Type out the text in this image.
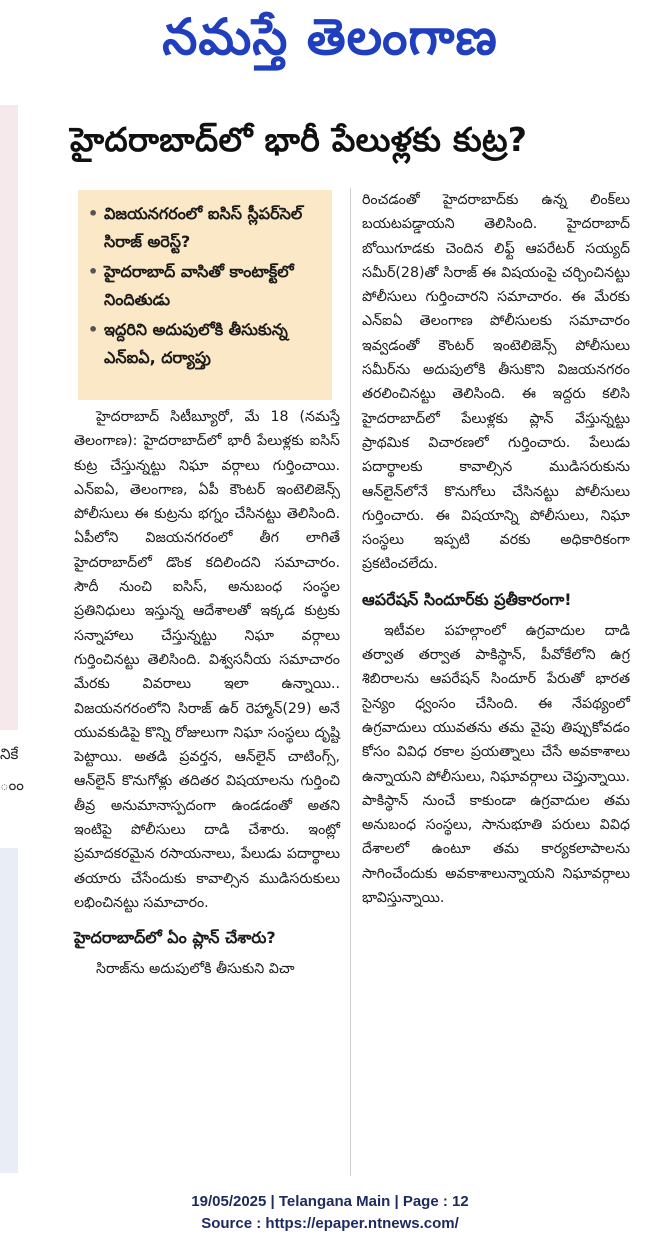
నమస్తే తెలంగాణ
నికే
ంం
హైదరాబాద్‌లో భారీ పేలుళ్లకు కుట్ర?
• విజయనగరంలో ఐసిస్ స్లీపర్‌సెల్ సిరాజ్ అరెస్ట్?
• హైదరాబాద్ వాసితో కాంటాక్ట్‌లో నిందితుడు
• ఇద్దరిని అదుపులోకి తీసుకున్న ఎన్ఐఏ, దర్యాప్తు

హైదరాబాద్ సిటీబ్యూరో, మే 18 (నమస్తే తెలంగాణ): హైదరాబాద్‌లో భారీ పేలుళ్లకు ఐసిస్ కుట్ర చేస్తున్నట్టు నిఘా వర్గాలు గుర్తించాయి. ఎన్ఐఏ, తెలంగాణ, ఏపీ కౌంటర్ ఇంటెలిజెన్స్ పోలీసులు ఈ కుట్రను భగ్నం చేసినట్టు తెలిసింది. ఏపీలోని విజయనగరంలో తీగ లాగితే హైదరాబాద్‌లో డొంక కదిలిందని సమాచారం. సౌదీ నుంచి ఐసిస్, అనుబంధ సంస్థల ప్రతినిధులు ఇస్తున్న ఆదేశాలతో ఇక్కడ కుట్రకు సన్నాహాలు చేస్తున్నట్టు నిఘా వర్గాలు గుర్తించినట్టు తెలిసింది. విశ్వసనీయ సమాచారం మేరకు వివరాలు ఇలా ఉన్నాయి.. విజయనగరంలోని సిరాజ్ ఉర్ రెహ్మాన్(29) అనే యువకుడిపై కొన్ని రోజులుగా నిఘా సంస్థలు దృష్టి పెట్టాయి. అతడి ప్రవర్తన, ఆన్‌లైన్ చాటింగ్స్, ఆన్‌లైన్ కొనుగోళ్లు తదితర విషయాలను గుర్తించి తీవ్ర అనుమానాస్పదంగా ఉండడంతో అతని ఇంటిపై పోలీసులు దాడి చేశారు. ఇంట్లో ప్రమాదకరమైన రసాయనాలు, పేలుడు పదార్థాలు తయారు చేసేందుకు కావాల్సిన ముడిసరుకులు లభించినట్టు సమాచారం.

హైదరాబాద్‌లో ఏం ప్లాన్ చేశారు?

సిరాజ్‌ను అదుపులోకి తీసుకుని విచా

రించడంతో హైదరాబాద్‌కు ఉన్న లింక్‌లు బయటపడ్డాయని తెలిసింది. హైదరాబాద్ బోయిగూడకు చెందిన లిఫ్ట్ ఆపరేటర్ సయ్యద్ సమీర్(28)తో సిరాజ్ ఈ విషయంపై చర్చించినట్టు పోలీసులు గుర్తించారని సమాచారం. ఈ మేరకు ఎన్ఐఏ తెలంగాణ పోలీసులకు సమాచారం ఇవ్వడంతో కౌంటర్ ఇంటెలిజెన్స్ పోలీసులు సమీర్‌ను అదుపులోకి తీసుకొని విజయనగరం తరలించినట్టు తెలిసింది. ఈ ఇద్దరు కలిసి హైదరాబాద్‌లో పేలుళ్లకు ప్లాన్ వేస్తున్నట్టు ప్రాథమిక విచారణలో గుర్తించారు. పేలుడు పదార్థాలకు కావాల్సిన ముడిసరుకును ఆన్‌లైన్‌లోనే కొనుగోలు చేసినట్టు పోలీసులు గుర్తించారు. ఈ విషయాన్ని పోలీసులు, నిఘా సంస్థలు ఇప్పటి వరకు అధికారికంగా ప్రకటించలేదు.

ఆపరేషన్ సిందూర్‌కు ప్రతీకారంగా!

ఇటీవల పహల్గాంలో ఉగ్రవాదుల దాడి తర్వాత తర్వాత పాకిస్థాన్, పీవోకేలోని ఉగ్ర శిబిరాలను ఆపరేషన్ సిందూర్ పేరుతో భారత సైన్యం ధ్వంసం చేసింది. ఈ నేపథ్యంలో ఉగ్రవాదులు యువతను తమ వైపు తిప్పుకోవడం కోసం వివిధ రకాల ప్రయత్నాలు చేసే అవకాశాలు ఉన్నాయని పోలీసులు, నిఘావర్గాలు చెప్తున్నాయి. పాకిస్థాన్ నుంచే కాకుండా ఉగ్రవాదుల తమ అనుబంధ సంస్థలు, సానుభూతి పరులు వివిధ దేశాలలో ఉంటూ తమ కార్యకలాపాలను సాగించేందుకు అవకాశాలున్నాయని నిఘావర్గాలు భావిస్తున్నాయి.

19/05/2025 | Telangana Main | Page : 12
Source : https://epaper.ntnews.com/
